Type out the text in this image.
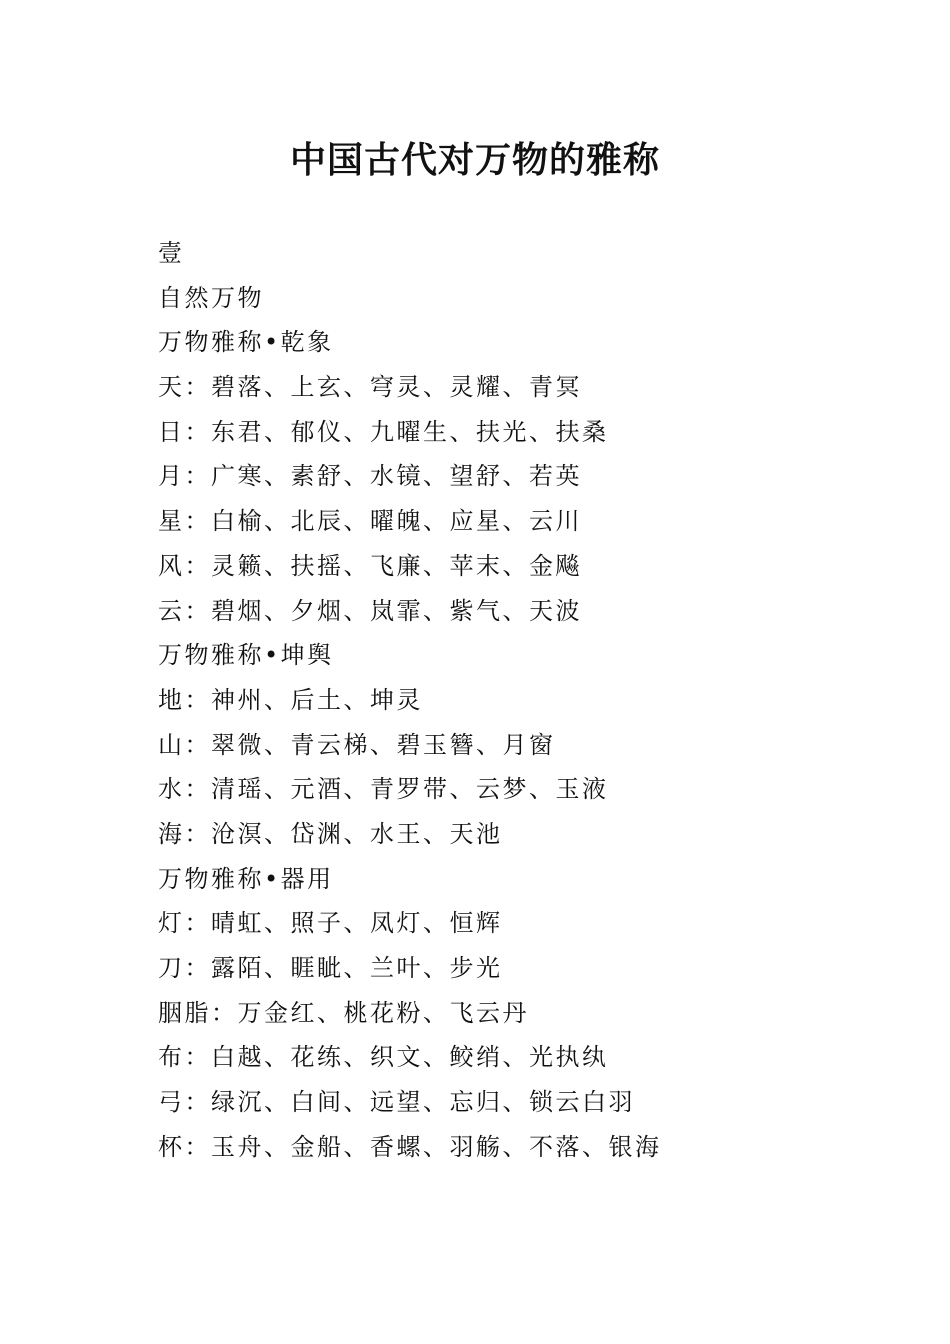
中国古代对万物的雅称
壹
自然万物
万物雅称•乾象
天：碧落、上玄、穹灵、灵耀、青冥
日：东君、郁仪、九曜生、扶光、扶桑
月：广寒、素舒、水镜、望舒、若英
星：白榆、北辰、曜魄、应星、云川
风：灵籁、扶摇、飞廉、苹末、金飚
云：碧烟、夕烟、岚霏、紫气、天波
万物雅称•坤舆
地：神州、后土、坤灵
山：翠微、青云梯、碧玉簪、月窗
水：清瑶、元酒、青罗带、云梦、玉液
海：沧溟、岱渊、水王、天池
万物雅称•器用
灯：晴虹、照子、凤灯、恒辉
刀：露陌、睚眦、兰叶、步光
胭脂：万金红、桃花粉、飞云丹
布：白越、花练、织文、鲛绡、光执纨
弓：绿沉、白间、远望、忘归、锁云白羽
杯：玉舟、金船、香螺、羽觞、不落、银海
